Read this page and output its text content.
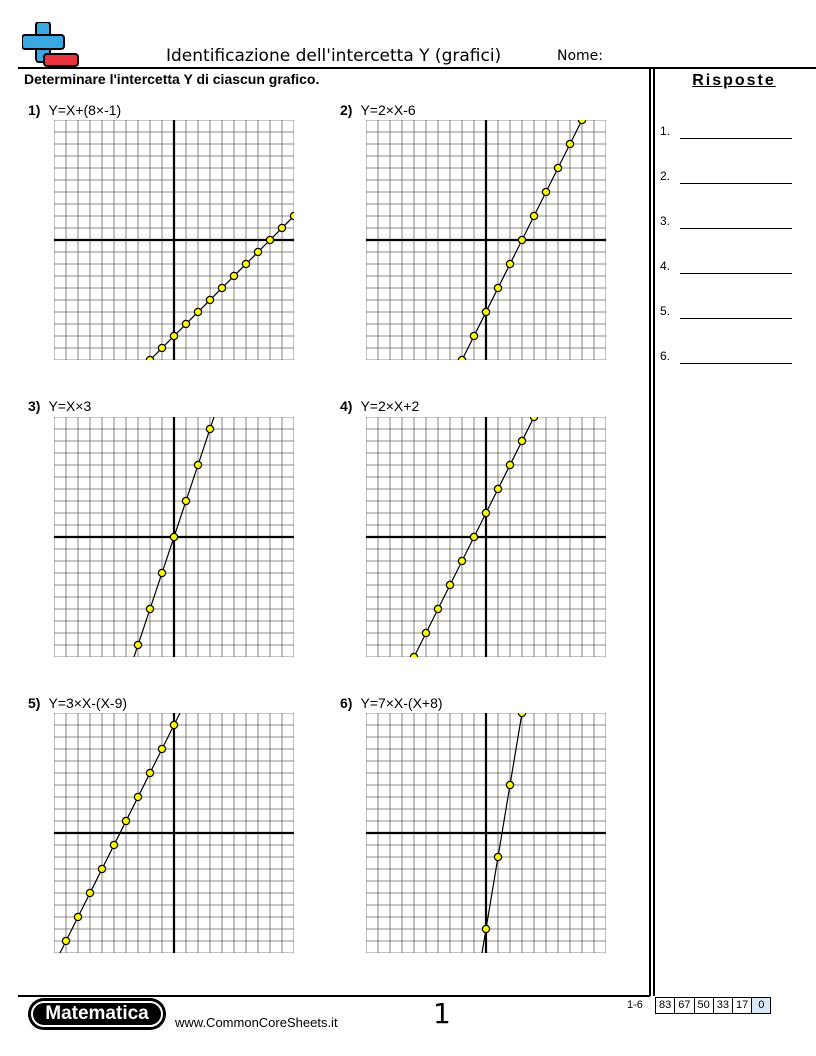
Identificazione dell'intercetta Y (grafici)	Nome:
Determinare l'intercetta Y di ciascun grafico.	Risposte
1.
2.
3.
4.
5.
6.
1) Y=X+(8×-1)	2) Y=2×X-6
3) Y=X×3	4) Y=2×X+2
5) Y=3×X-(X-9)	6) Y=7×X-(X+8)
Matematica	www.CommonCoreSheets.it	1	1-6	83 67 50 33 17 0
